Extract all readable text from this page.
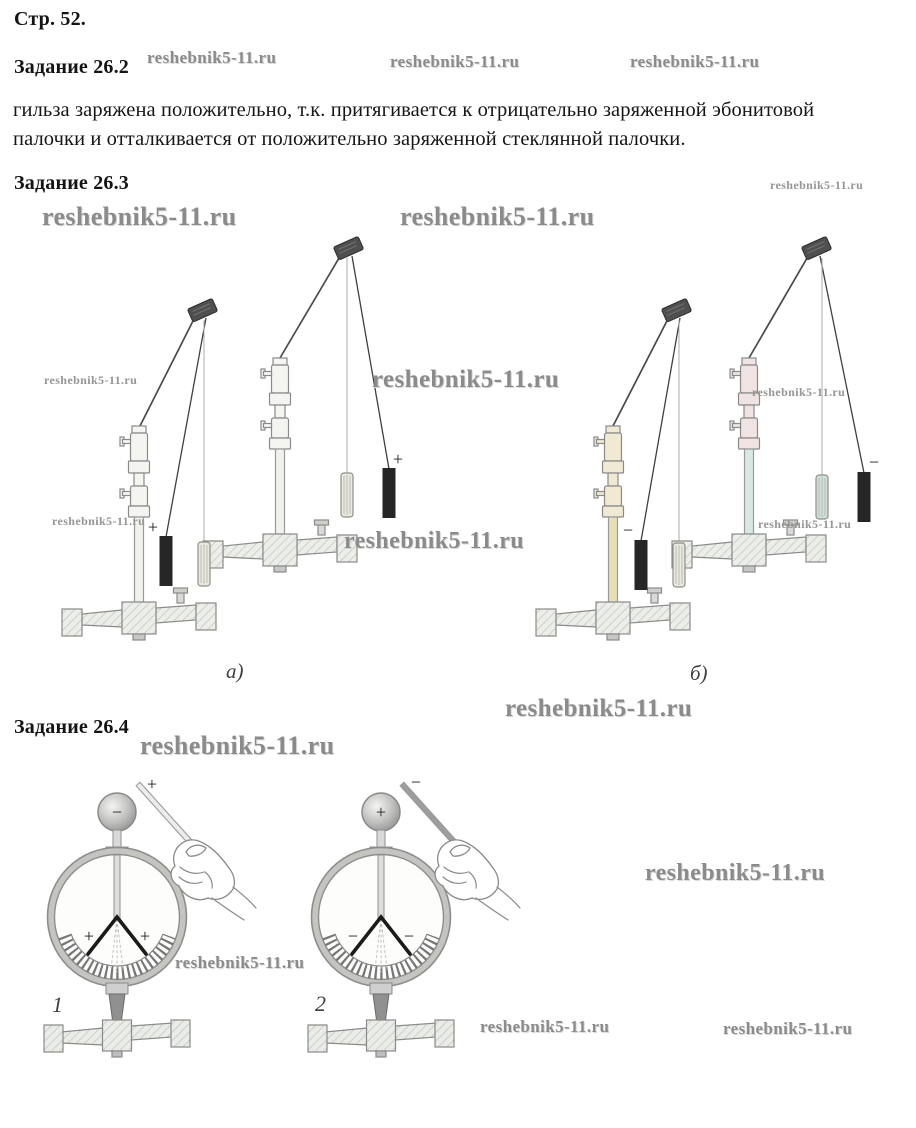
Стр. 52.
Задание 26.2 reshebnik5-11.ru	reshebnik5-11.ru	reshebnik5-11.ru
гильза заряжена положительно, т.к. притягивается к отрицательно заряженной эбонитовой
палочки и отталкивается от положительно заряженной стеклянной палочки.
Задание 26.3	reshebnik5-11.ru
reshebnik5-11.ru	reshebnik5-11.ru
reshebnik5-11.ru	reshebnik5-11.ru	reshebnik5-11.ru
reshebnik5-11.ru
reshebnik5-11.ru
reshebnik5-11.ru
+
+
−
−
а)	б)
reshebnik5-11.ru
Задание 26.4
reshebnik5-11.ru
−	+
+	−
+	+	−	−
reshebnik5-11.ru
reshebnik5-11.ru
1	2
reshebnik5-11.ru	reshebnik5-11.ru
